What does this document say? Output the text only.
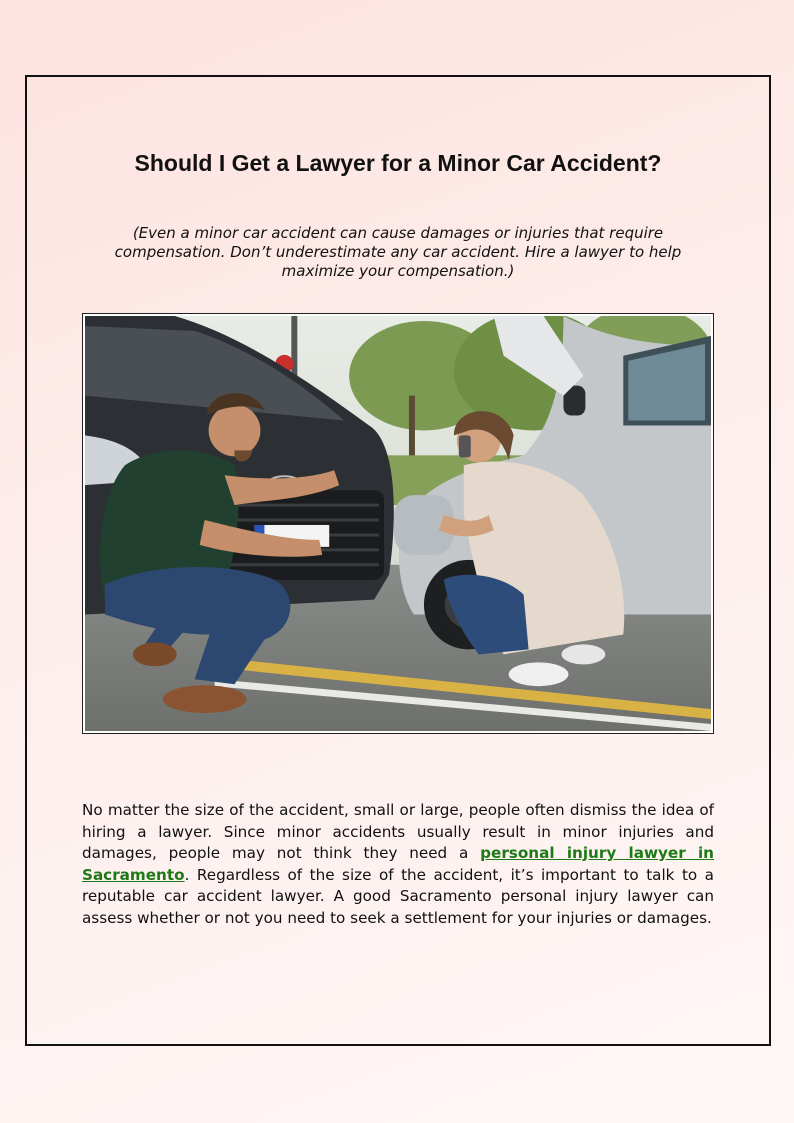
Should I Get a Lawyer for a Minor Car Accident?

(Even a minor car accident can cause damages or injuries that require compensation. Don’t underestimate any car accident. Hire a lawyer to help maximize your compensation.)

No matter the size of the accident, small or large, people often dismiss the idea of hiring a lawyer. Since minor accidents usually result in minor injuries and damages, people may not think they need a personal injury lawyer in Sacramento. Regardless of the size of the accident, it’s important to talk to a reputable car accident lawyer. A good Sacramento personal injury lawyer can assess whether or not you need to seek a settlement for your injuries or damages.
